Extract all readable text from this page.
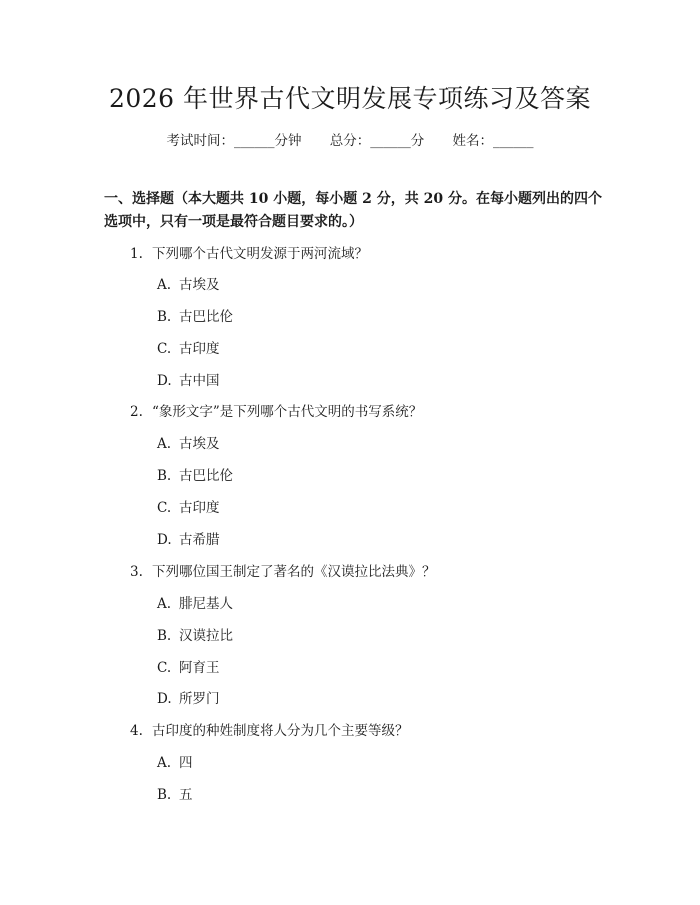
2026 年世界古代文明发展专项练习及答案
考试时间：______分钟 总分：______分 姓名：______
一、选择题（本大题共 10 小题，每小题 2 分，共 20 分。在每小题列出的四个选项中，只有一项是最符合题目要求的。）
1. 下列哪个古代文明发源于两河流域？
A. 古埃及
B. 古巴比伦
C. 古印度
D. 古中国
2. “象形文字”是下列哪个古代文明的书写系统？
A. 古埃及
B. 古巴比伦
C. 古印度
D. 古希腊
3. 下列哪位国王制定了著名的《汉谟拉比法典》？
A. 腓尼基人
B. 汉谟拉比
C. 阿育王
D. 所罗门
4. 古印度的种姓制度将人分为几个主要等级？
A. 四
B. 五
